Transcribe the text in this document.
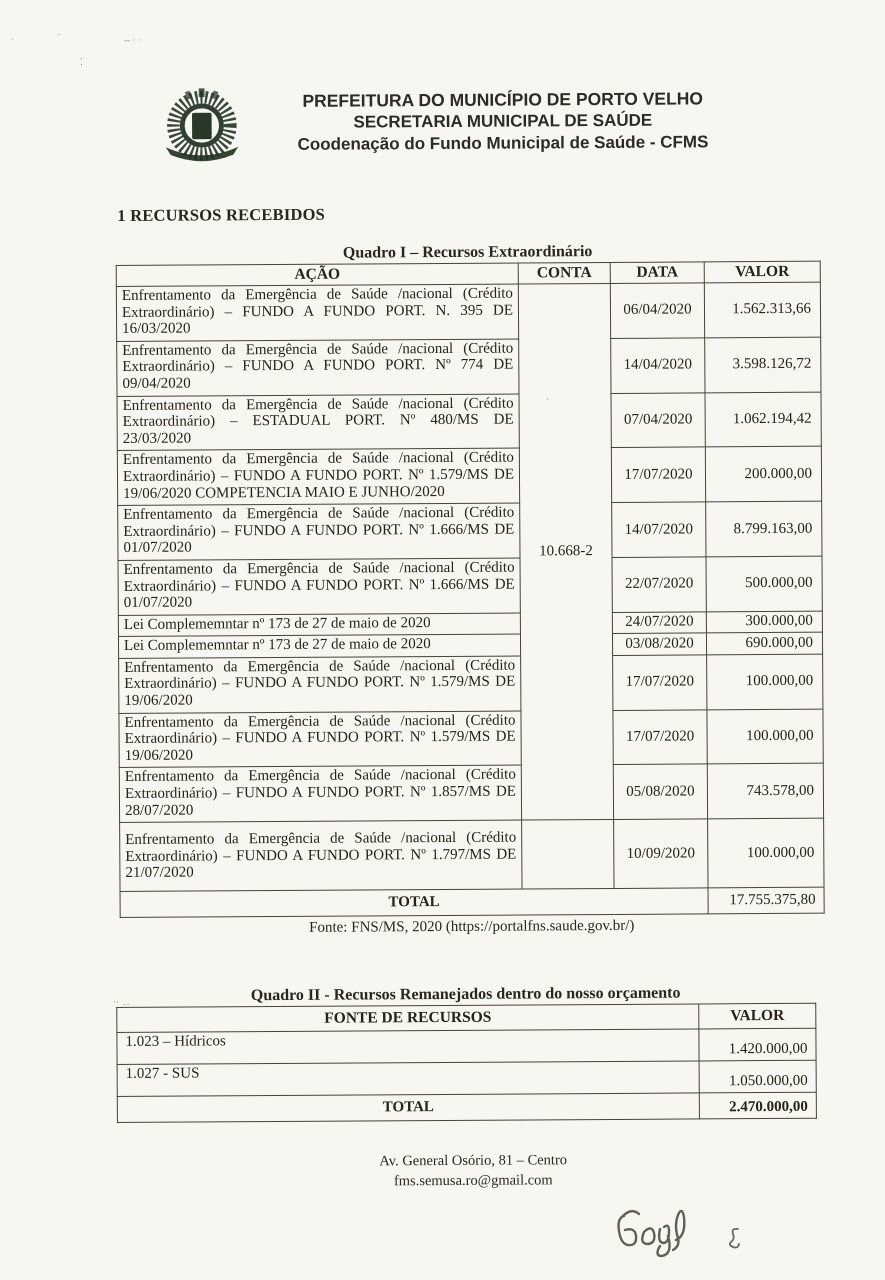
PREFEITURA DO MUNICÍPIO DE PORTO VELHO
SECRETARIA MUNICIPAL DE SAÚDE
Coodenação do Fundo Municipal de Saúde - CFMS
1 RECURSOS RECEBIDOS
Quadro I – Recursos Extraordinário
AÇÃO	CONTA	DATA	VALOR
Enfrentamento da Emergência de Saúde /nacional (Crédito Extraordinário) – FUNDO A FUNDO PORT. N. 395 DE 16/03/2020	10.668-2	06/04/2020	1.562.313,66
Enfrentamento da Emergência de Saúde /nacional (Crédito Extraordinário) – FUNDO A FUNDO PORT. Nº 774 DE 09/04/2020		14/04/2020	3.598.126,72
Enfrentamento da Emergência de Saúde /nacional (Crédito Extraordinário) – ESTADUAL PORT. Nº 480/MS DE 23/03/2020		07/04/2020	1.062.194,42
Enfrentamento da Emergência de Saúde /nacional (Crédito Extraordinário) – FUNDO A FUNDO PORT. Nº 1.579/MS DE 19/06/2020 COMPETENCIA MAIO E JUNHO/2020		17/07/2020	200.000,00
Enfrentamento da Emergência de Saúde /nacional (Crédito Extraordinário) – FUNDO A FUNDO PORT. Nº 1.666/MS DE 01/07/2020		14/07/2020	8.799.163,00
Enfrentamento da Emergência de Saúde /nacional (Crédito Extraordinário) – FUNDO A FUNDO PORT. Nº 1.666/MS DE 01/07/2020		22/07/2020	500.000,00
Lei Complememntar nº 173 de 27 de maio de 2020		24/07/2020	300.000,00
Lei Complememntar nº 173 de 27 de maio de 2020		03/08/2020	690.000,00
Enfrentamento da Emergência de Saúde /nacional (Crédito Extraordinário) – FUNDO A FUNDO PORT. Nº 1.579/MS DE 19/06/2020		17/07/2020	100.000,00
Enfrentamento da Emergência de Saúde /nacional (Crédito Extraordinário) – FUNDO A FUNDO PORT. Nº 1.579/MS DE 19/06/2020		17/07/2020	100.000,00
Enfrentamento da Emergência de Saúde /nacional (Crédito Extraordinário) – FUNDO A FUNDO PORT. Nº 1.857/MS DE 28/07/2020		05/08/2020	743.578,00
Enfrentamento da Emergência de Saúde /nacional (Crédito Extraordinário) – FUNDO A FUNDO PORT. Nº 1.797/MS DE 21/07/2020		10/09/2020	100.000,00
TOTAL			17.755.375,80
Fonte: FNS/MS, 2020 (https://portalfns.saude.gov.br/)
Quadro II - Recursos Remanejados dentro do nosso orçamento
FONTE DE RECURSOS	VALOR
1.023 – Hídricos	1.420.000,00
1.027 - SUS	1.050.000,00
TOTAL	2.470.000,00
Av. General Osório, 81 – Centro
fms.semusa.ro@gmail.com
`
.
-​- · ·
․́
··  ․․
·
